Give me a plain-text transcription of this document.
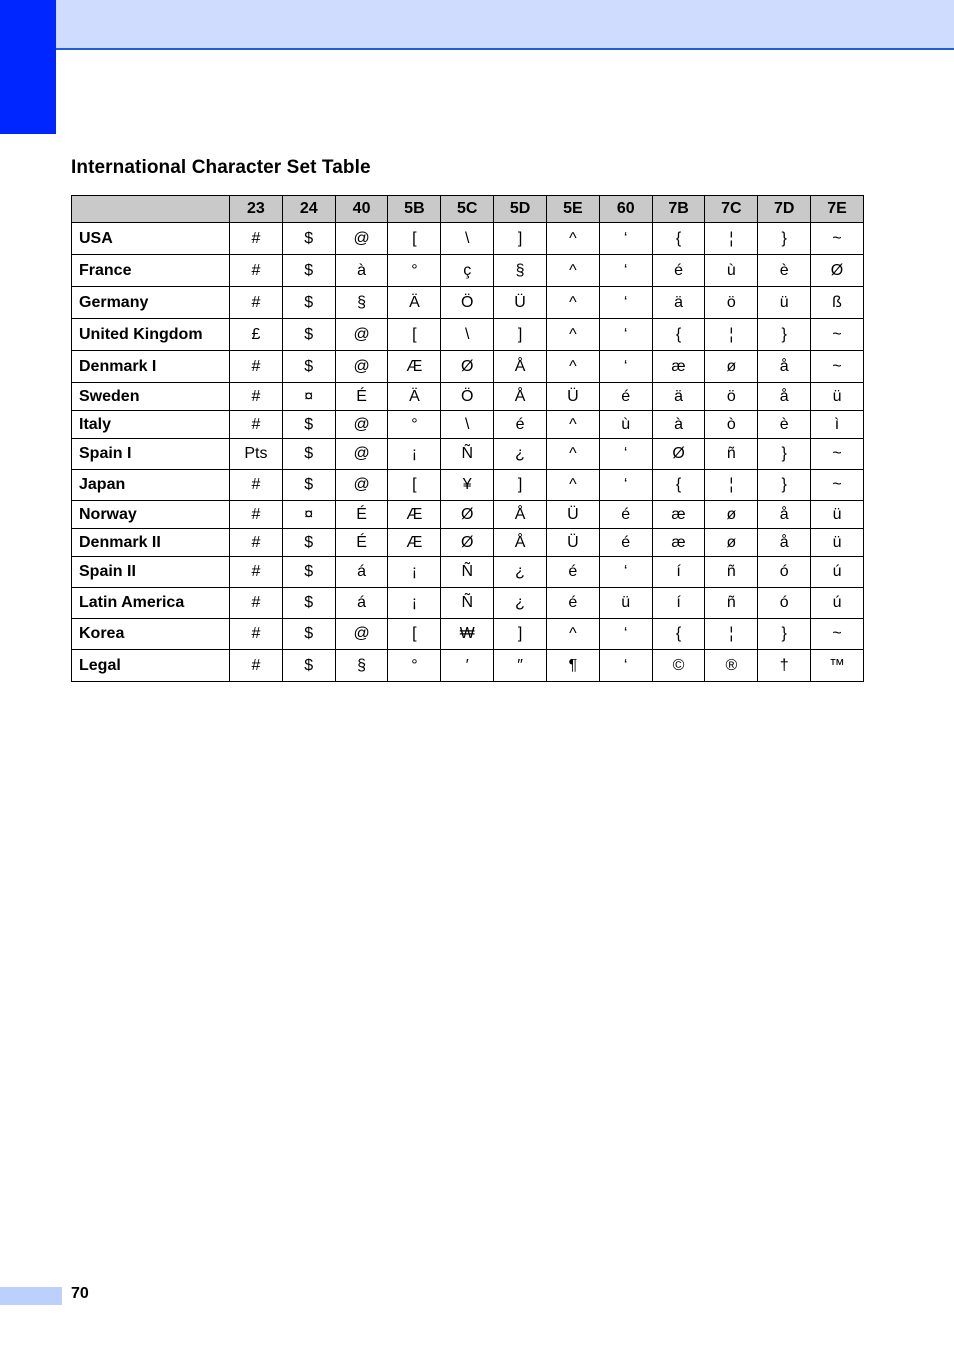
International Character Set Table
	23	24	40	5B	5C	5D	5E	60	7B	7C	7D	7E
USA	#	$	@	[	\	]	^	‘	{	¦	}	~
France	#	$	à	°	ç	§	^	‘	é	ù	è	Ø
Germany	#	$	§	Ä	Ö	Ü	^	‘	ä	ö	ü	ß
United Kingdom	£	$	@	[	\	]	^	‘	{	¦	}	~
Denmark I	#	$	@	Æ	Ø	Å	^	‘	æ	ø	å	~
Sweden	#	¤	É	Ä	Ö	Å	Ü	é	ä	ö	å	ü
Italy	#	$	@	°	\	é	^	ù	à	ò	è	ì
Spain I	Pts	$	@	¡	Ñ	¿	^	‘	Ø	ñ	}	~
Japan	#	$	@	[	¥	]	^	‘	{	¦	}	~
Norway	#	¤	É	Æ	Ø	Å	Ü	é	æ	ø	å	ü
Denmark II	#	$	É	Æ	Ø	Å	Ü	é	æ	ø	å	ü
Spain II	#	$	á	¡	Ñ	¿	é	‘	í	ñ	ó	ú
Latin America	#	$	á	¡	Ñ	¿	é	ü	í	ñ	ó	ú
Korea	#	$	@	[	₩	]	^	‘	{	¦	}	~
Legal	#	$	§	°	′	″	¶	‘	©	®	†	™
70
